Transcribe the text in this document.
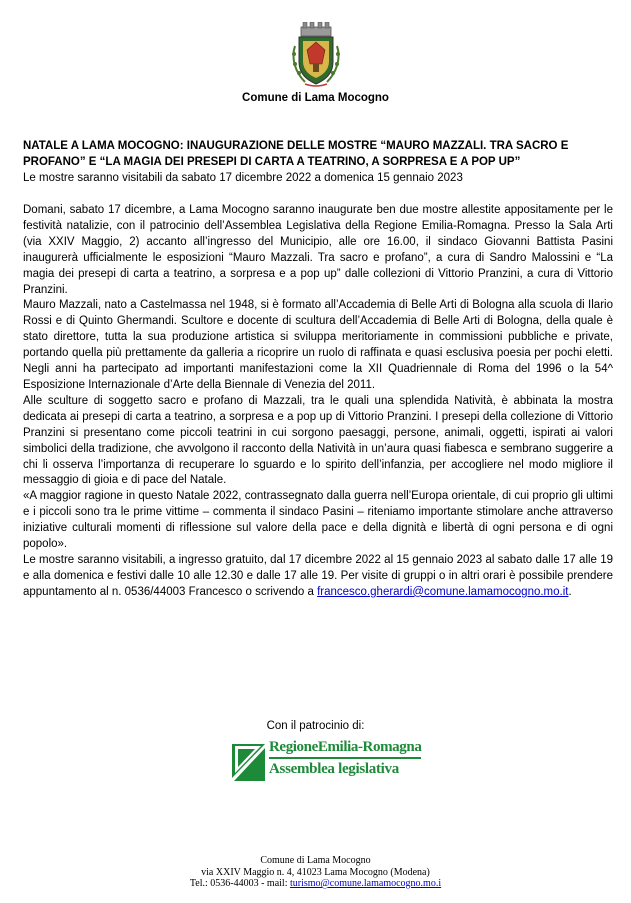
Comune di Lama Mocogno
NATALE A LAMA MOCOGNO: INAUGURAZIONE DELLE MOSTRE “MAURO MAZZALI. TRA SACRO E PROFANO” E “LA MAGIA DEI PRESEPI DI CARTA A TEATRINO, A SORPRESA E A POP UP”
Le mostre saranno visitabili da sabato 17 dicembre 2022 a domenica 15 gennaio 2023

Domani, sabato 17 dicembre, a Lama Mocogno saranno inaugurate ben due mostre allestite appositamente per le festività natalizie, con il patrocinio dell’Assemblea Legislativa della Regione Emilia-Romagna. Presso la Sala Arti (via XXIV Maggio, 2) accanto all’ingresso del Municipio, alle ore 16.00, il sindaco Giovanni Battista Pasini inaugurerà ufficialmente le esposizioni “Mauro Mazzali. Tra sacro e profano”, a cura di Sandro Malossini e “La magia dei presepi di carta a teatrino, a sorpresa e a pop up” dalle collezioni di Vittorio Pranzini, a cura di Vittorio Pranzini.

Mauro Mazzali, nato a Castelmassa nel 1948, si è formato all’Accademia di Belle Arti di Bologna alla scuola di Ilario Rossi e di Quinto Ghermandi. Scultore e docente di scultura dell’Accademia di Belle Arti di Bologna, della quale è stato direttore, tutta la sua produzione artistica si sviluppa meritoriamente in commissioni pubbliche e private, portando quella più prettamente da galleria a ricoprire un ruolo di raffinata e quasi esclusiva poesia per pochi eletti. Negli anni ha partecipato ad importanti manifestazioni come la XII Quadriennale di Roma del 1996 o la 54^ Esposizione Internazionale d’Arte della Biennale di Venezia del 2011.

Alle sculture di soggetto sacro e profano di Mazzali, tra le quali una splendida Natività, è abbinata la mostra dedicata ai presepi di carta a teatrino, a sorpresa e a pop up di Vittorio Pranzini. I presepi della collezione di Vittorio Pranzini si presentano come piccoli teatrini in cui sorgono paesaggi, persone, animali, oggetti, ispirati ai valori simbolici della tradizione, che avvolgono il racconto della Natività in un’aura quasi fiabesca e sembrano suggerire a chi li osserva l’importanza di recuperare lo sguardo e lo spirito dell’infanzia, per accogliere nel modo migliore il messaggio di gioia e di pace del Natale.

«A maggior ragione in questo Natale 2022, contrassegnato dalla guerra nell’Europa orientale, di cui proprio gli ultimi e i piccoli sono tra le prime vittime – commenta il sindaco Pasini – riteniamo importante stimolare anche attraverso iniziative culturali momenti di riflessione sul valore della pace e della dignità e libertà di ogni persona e di ogni popolo».

Le mostre saranno visitabili, a ingresso gratuito, dal 17 dicembre 2022 al 15 gennaio 2023 al sabato dalle 17 alle 19 e alla domenica e festivi dalle 10 alle 12.30 e dalle 17 alle 19. Per visite di gruppi o in altri orari è possibile prendere appuntamento al n. 0536/44003 Francesco o scrivendo a francesco.gherardi@comune.lamamocogno.mo.it.

Con il patrocinio di:
RegioneEmilia-Romagna
Assemblea legislativa
Comune di Lama Mocogno
via XXIV Maggio n. 4, 41023 Lama Mocogno (Modena)
Tel.: 0536-44003 - mail: turismo@comune.lamamocogno.mo.i
